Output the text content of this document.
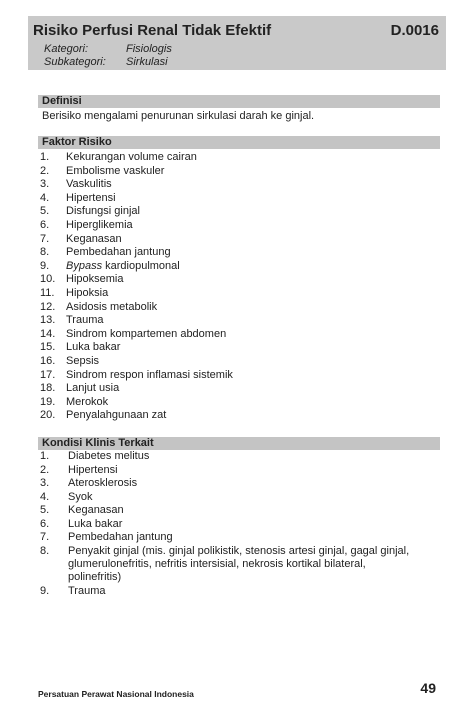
Risiko Perfusi Renal Tidak Efektif	D.0016
Kategori:	Fisiologis
Subkategori: Sirkulasi
Definisi
Berisiko mengalami penurunan sirkulasi darah ke ginjal.
Faktor Risiko
1.	Kekurangan volume cairan
2.	Embolisme vaskuler
3.	Vaskulitis
4.	Hipertensi
5.	Disfungsi ginjal
6.	Hiperglikemia
7.	Keganasan
8.	Pembedahan jantung
9.	Bypass kardiopulmonal
10. Hipoksemia
11.	Hipoksia
12. Asidosis metabolik
13. Trauma
14. Sindrom kompartemen abdomen
15. Luka bakar
16. Sepsis
17. Sindrom respon inflamasi sistemik
18. Lanjut usia
19. Merokok
20. Penyalahgunaan zat
Kondisi Klinis Terkait
1.	Diabetes melitus
2.	Hipertensi
3.	Aterosklerosis
4.	Syok
5.	Keganasan
6.	Luka bakar
7.	Pembedahan jantung
8.	Penyakit ginjal (mis. ginjal polikistik, stenosis artesi ginjal, gagal ginjal,
glumerulonefritis, nefritis intersisial, nekrosis kortikal bilateral,
polinefritis)
9.	Trauma
Persatuan Perawat Nasional Indonesia	49
